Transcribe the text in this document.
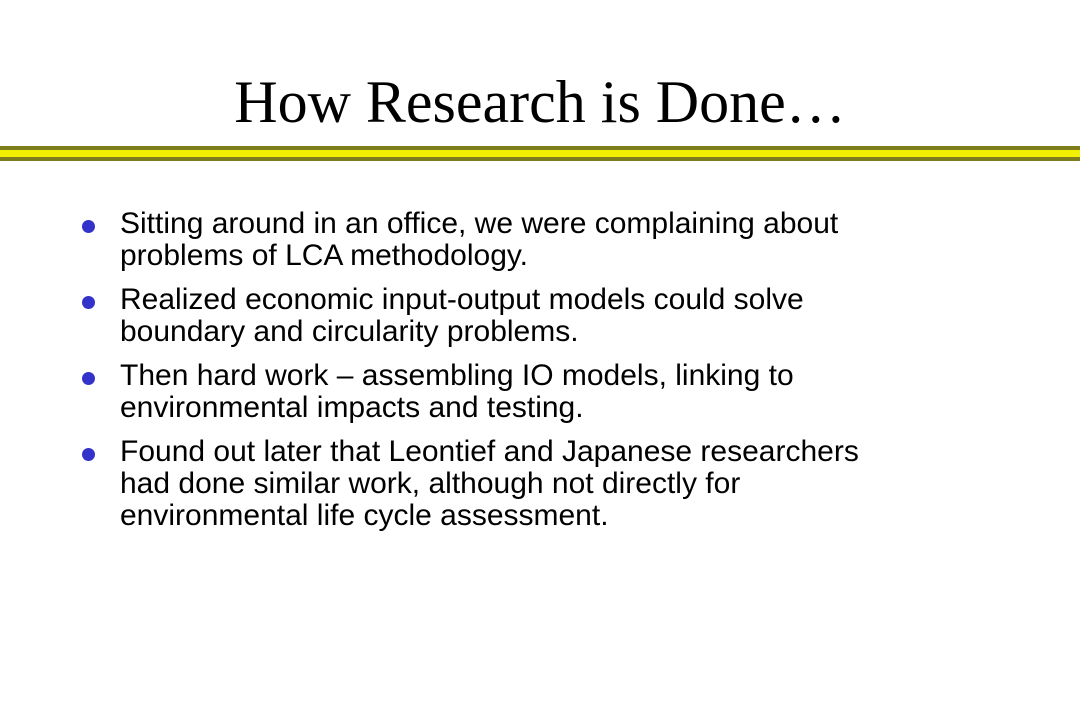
How Research is Done…
Sitting around in an office, we were complaining about problems of LCA methodology.
Realized economic input-output models could solve boundary and circularity problems.
Then hard work – assembling IO models, linking to environmental impacts and testing.
Found out later that Leontief and Japanese researchers had done similar work, although not directly for environmental life cycle assessment.
